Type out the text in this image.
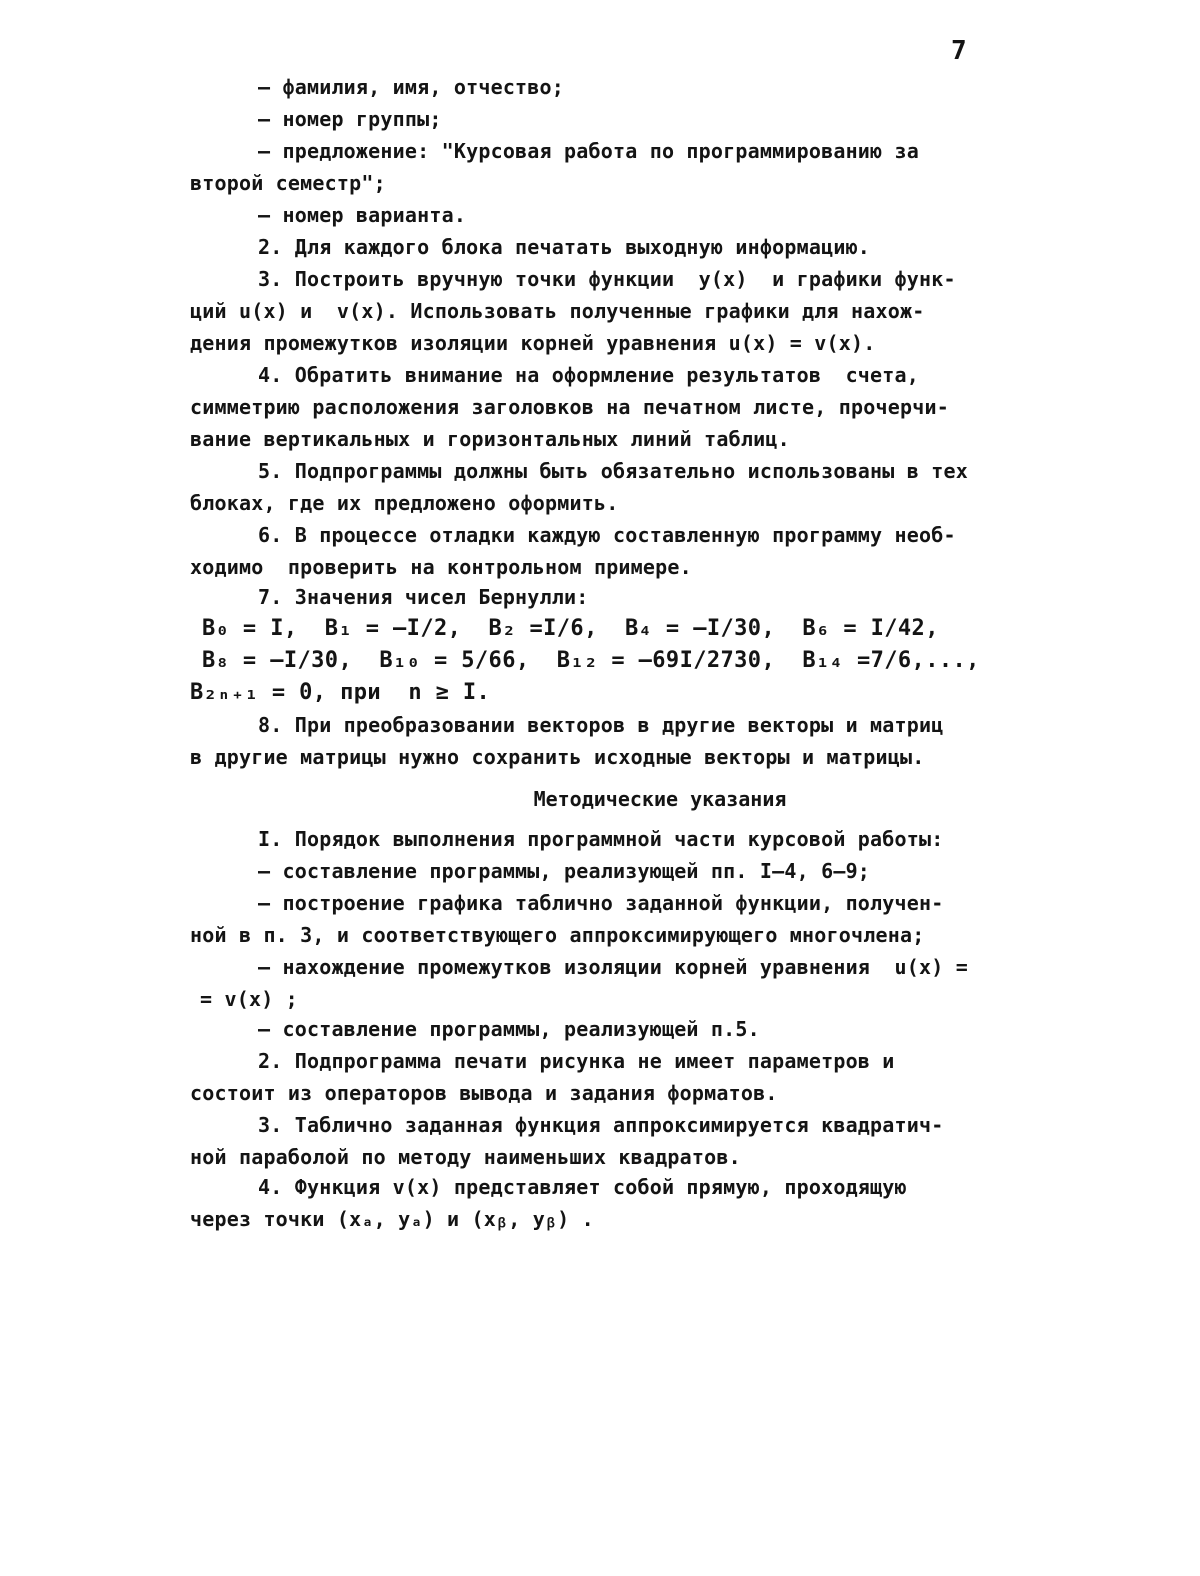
7

– фамилия, имя, отчество;

– номер группы;

– предложение: "Курсовая работа по программированию за

второй семестр";

– номер варианта.

2. Для каждого блока печатать выходную информацию.

3. Построить вручную точки функции  y(x)  и графики функ-

ций u(x) и  v(x). Использовать полученные графики для нахож-

дения промежутков изоляции корней уравнения u(x) = v(x).

4. Обратить внимание на оформление результатов  счета,

симметрию расположения заголовков на печатном листе, прочерчи-

вание вертикальных и горизонтальных линий таблиц.

5. Подпрограммы должны быть обязательно использованы в тех

блоках, где их предложено оформить.

6. В процессе отладки каждую составленную программу необ-

ходимо  проверить на контрольном примере.

7. Значения чисел Бернулли:

B₀ = I,  B₁ = –I/2,  B₂ =I/6,  B₄ = –I/30,  B₆ = I/42,

B₈ = –I/30,  B₁₀ = 5/66,  B₁₂ = –69I/2730,  B₁₄ =7/6,...,

B₂ₙ₊₁ = 0, при  n ≥ I.

8. При преобразовании векторов в другие векторы и матриц

в другие матрицы нужно сохранить исходные векторы и матрицы.

Методические указания

I. Порядок выполнения программной части курсовой работы:

– составление программы, реализующей пп. I–4, 6–9;

– построение графика таблично заданной функции, получен-

ной в п. 3, и соответствующего аппроксимирующего многочлена;

– нахождение промежутков изоляции корней уравнения  u(x) =

= v(x) ;

– составление программы, реализующей п.5.

2. Подпрограмма печати рисунка не имеет параметров и

состоит из операторов вывода и задания форматов.

3. Таблично заданная функция аппроксимируется квадратич-

ной параболой по методу наименьших квадратов.

4. Функция v(x) представляет собой прямую, проходящую

через точки (xₐ, yₐ) и (xᵦ, yᵦ) .
